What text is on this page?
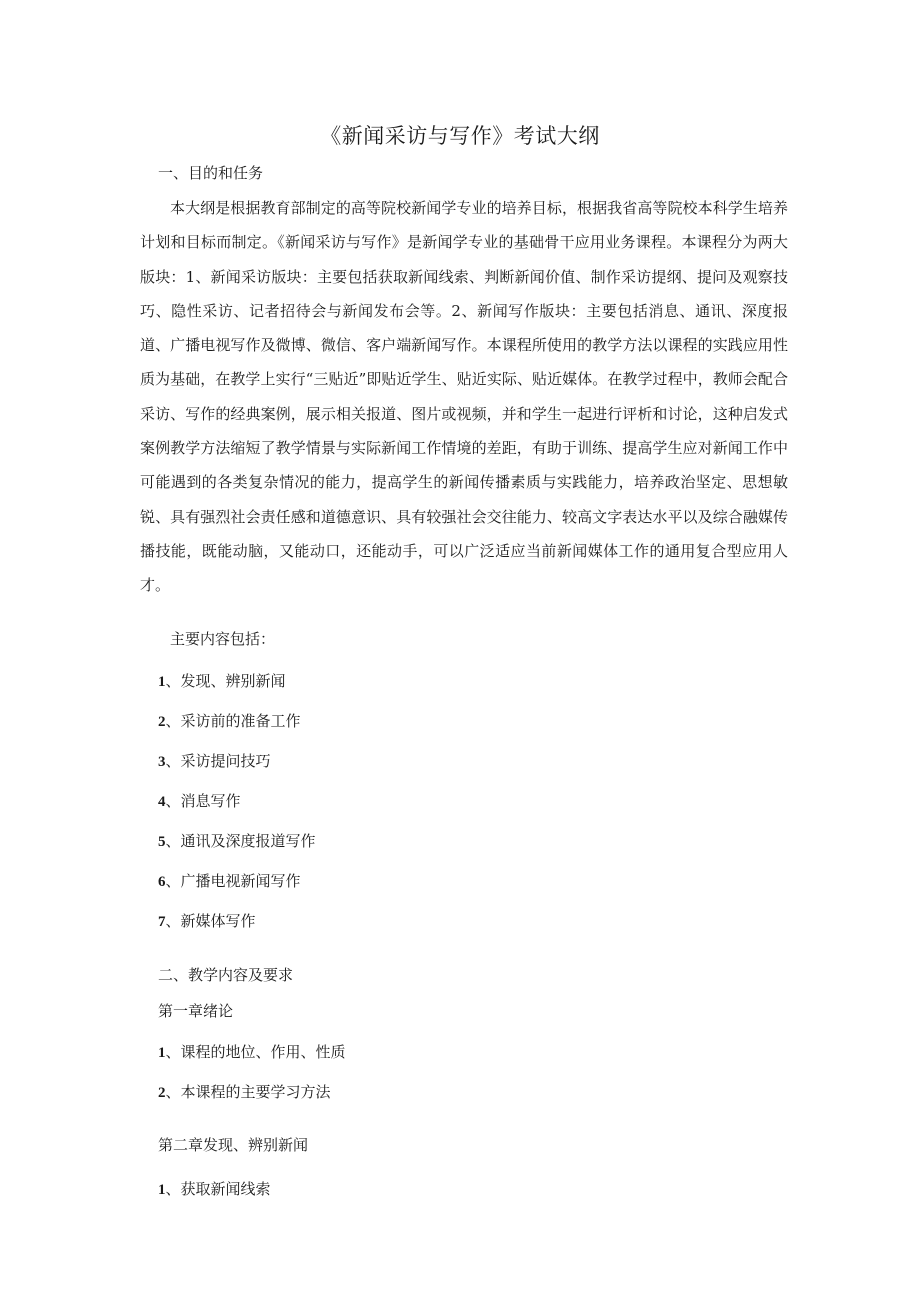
《新闻采访与写作》考试大纲
一、目的和任务

本大纲是根据教育部制定的高等院校新闻学专业的培养目标，根据我省高等院校本科学生培养计划和目标而制定。《新闻采访与写作》是新闻学专业的基础骨干应用业务课程。本课程分为两大版块：1、新闻采访版块：主要包括获取新闻线索、判断新闻价值、制作采访提纲、提问及观察技巧、隐性采访、记者招待会与新闻发布会等。2、新闻写作版块：主要包括消息、通讯、深度报道、广播电视写作及微博、微信、客户端新闻写作。本课程所使用的教学方法以课程的实践应用性质为基础，在教学上实行“三贴近”即贴近学生、贴近实际、贴近媒体。在教学过程中，教师会配合采访、写作的经典案例，展示相关报道、图片或视频，并和学生一起进行评析和讨论，这种启发式案例教学方法缩短了教学情景与实际新闻工作情境的差距，有助于训练、提高学生应对新闻工作中可能遇到的各类复杂情况的能力，提高学生的新闻传播素质与实践能力，培养政治坚定、思想敏锐、具有强烈社会责任感和道德意识、具有较强社会交往能力、较高文字表达水平以及综合融媒传播技能，既能动脑，又能动口，还能动手，可以广泛适应当前新闻媒体工作的通用复合型应用人才。

主要内容包括：
1、发现、辨别新闻
2、采访前的准备工作
3、采访提问技巧
4、消息写作
5、通讯及深度报道写作
6、广播电视新闻写作
7、新媒体写作
二、教学内容及要求
第一章绪论
1、课程的地位、作用、性质
2、本课程的主要学习方法
第二章发现、辨别新闻
1、获取新闻线索
